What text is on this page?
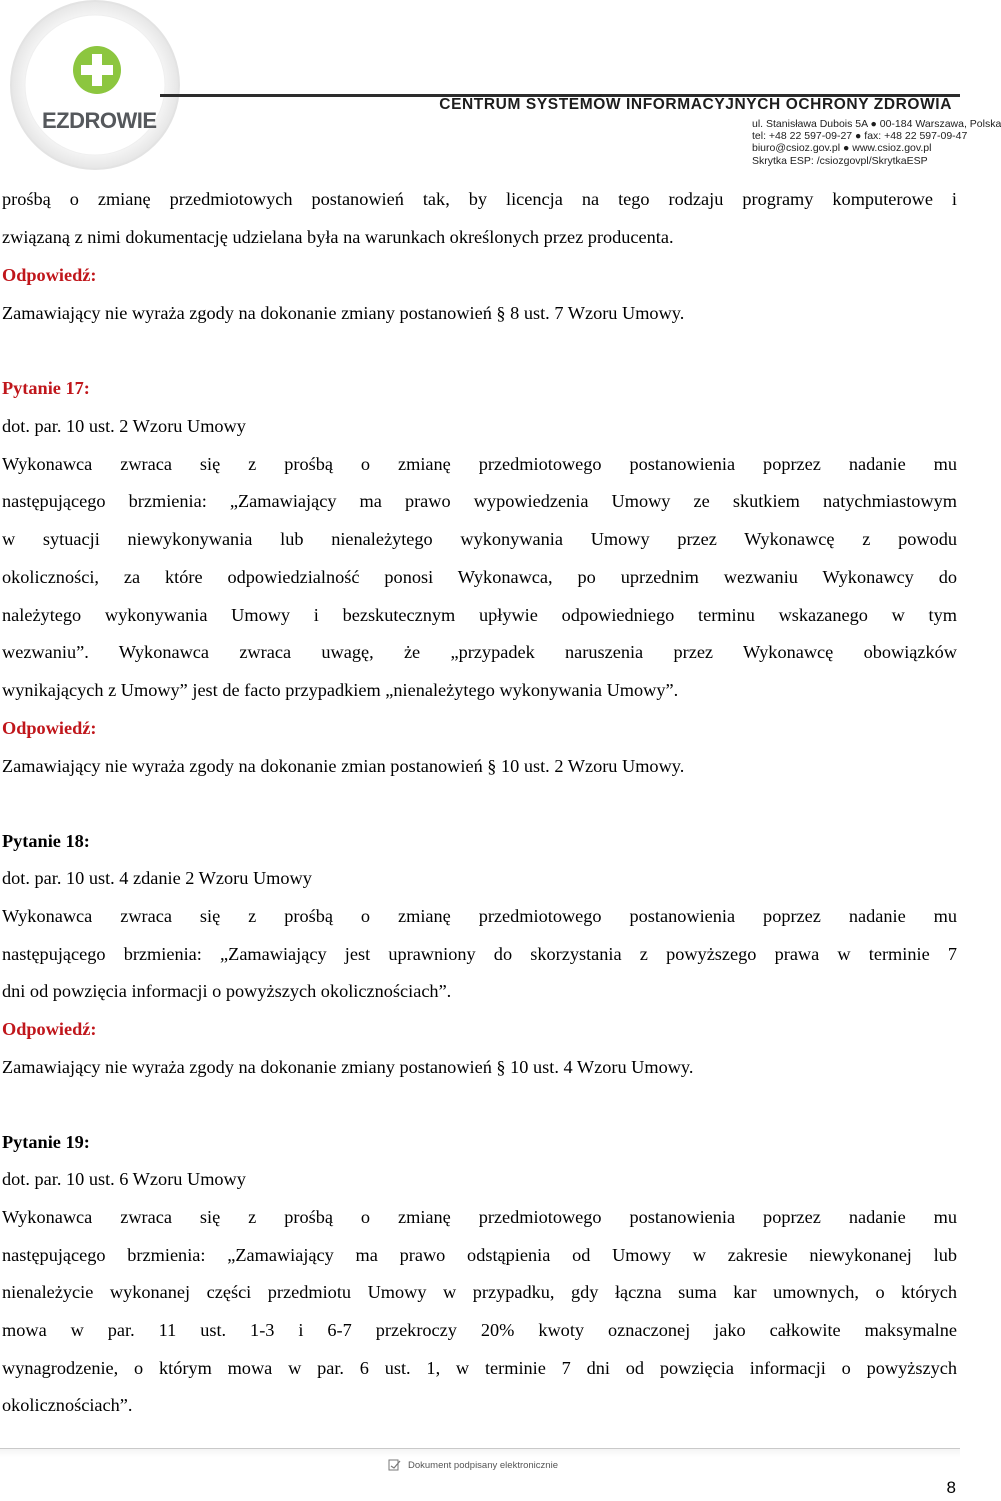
EZDROWIE
CENTRUM SYSTEMÓW INFORMACYJNYCH OCHRONY ZDROWIA
ul. Stanisława Dubois 5A ● 00-184 Warszawa, Polska
tel: +48 22 597-09-27 ● fax: +48 22 597-09-47
biuro@csioz.gov.pl ● www.csioz.gov.pl
Skrytka ESP: /csiozgovpl/SkrytkaESP
prośbą o zmianę przedmiotowych postanowień tak, by licencja na tego rodzaju programy komputerowe i
związaną z nimi dokumentację udzielana była na warunkach określonych przez producenta.
Odpowiedź:
Zamawiający nie wyraża zgody na dokonanie zmiany postanowień § 8 ust. 7 Wzoru Umowy.
Pytanie 17:
dot. par. 10 ust. 2 Wzoru Umowy
Wykonawca zwraca się z prośbą o zmianę przedmiotowego postanowienia poprzez nadanie mu
następującego brzmienia: „Zamawiający ma prawo wypowiedzenia Umowy ze skutkiem natychmiastowym
w sytuacji niewykonywania lub nienależytego wykonywania Umowy przez Wykonawcę z powodu
okoliczności, za które odpowiedzialność ponosi Wykonawca, po uprzednim wezwaniu Wykonawcy do
należytego wykonywania Umowy i bezskutecznym upływie odpowiedniego terminu wskazanego w tym
wezwaniu”. Wykonawca zwraca uwagę, że „przypadek naruszenia przez Wykonawcę obowiązków
wynikających z Umowy” jest de facto przypadkiem „nienależytego wykonywania Umowy”.
Odpowiedź:
Zamawiający nie wyraża zgody na dokonanie zmian postanowień § 10 ust. 2 Wzoru Umowy.
Pytanie 18:
dot. par. 10 ust. 4 zdanie 2 Wzoru Umowy
Wykonawca zwraca się z prośbą o zmianę przedmiotowego postanowienia poprzez nadanie mu
następującego brzmienia: „Zamawiający jest uprawniony do skorzystania z powyższego prawa w terminie 7
dni od powzięcia informacji o powyższych okolicznościach”.
Odpowiedź:
Zamawiający nie wyraża zgody na dokonanie zmiany postanowień § 10 ust. 4 Wzoru Umowy.
Pytanie 19:
dot. par. 10 ust. 6 Wzoru Umowy
Wykonawca zwraca się z prośbą o zmianę przedmiotowego postanowienia poprzez nadanie mu
następującego brzmienia: „Zamawiający ma prawo odstąpienia od Umowy w zakresie niewykonanej lub
nienależycie wykonanej części przedmiotu Umowy w przypadku, gdy łączna suma kar umownych, o których
mowa w par. 11 ust. 1-3 i 6-7 przekroczy 20% kwoty oznaczonej jako całkowite maksymalne
wynagrodzenie, o którym mowa w par. 6 ust. 1, w terminie 7 dni od powzięcia informacji o powyższych
okolicznościach”.
Dokument podpisany elektronicznie
8
